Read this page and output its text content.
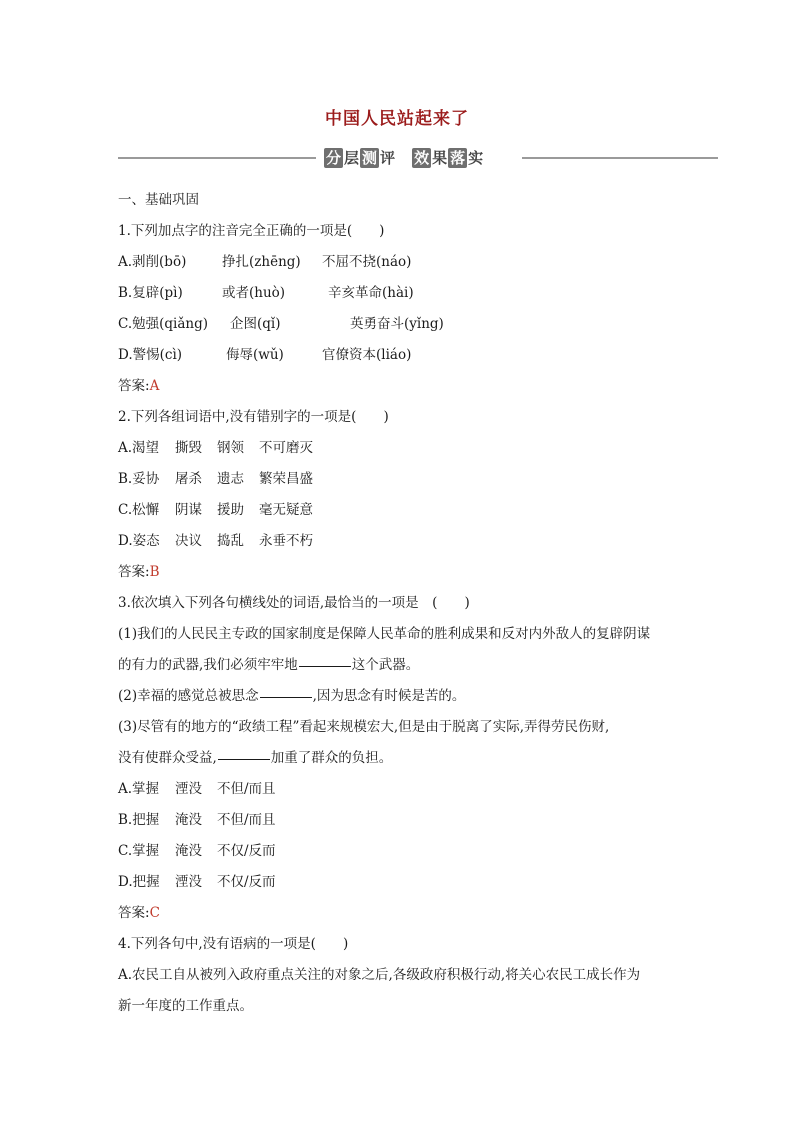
中国人民站起来了
分 层 测 评 效 果 落 实

一、基础巩固

1.下列加点字的注音完全正确的一项是(　　)

A.剥削(bō)	挣扎(zhēng)	不屈不挠(náo)

B.复辟(pì)	或者(huò)	辛亥革命(hài)

C.勉强(qiǎng)	企图(qǐ)	英勇奋斗(yǐng)

D.警惕(cì)	侮辱(wǔ)	官僚资本(liáo)

答案:A

2.下列各组词语中,没有错别字的一项是(　　)

A.渴望	撕毁	钢领	不可磨灭

B.妥协	屠杀	遗志	繁荣昌盛

C.松懈	阴谋	援助	毫无疑意

D.姿态	决议	捣乱	永垂不朽

答案:B

3.依次填入下列各句横线处的词语,最恰当的一项是　(　　)

(1)我们的人民民主专政的国家制度是保障人民革命的胜利成果和反对内外敌人的复辟阴谋

的有力的武器,我们必须牢牢地	这个武器。

(2)幸福的感觉总被思念	,因为思念有时候是苦的。

(3)尽管有的地方的“政绩工程”看起来规模宏大,但是由于脱离了实际,弄得劳民伤财,

没有使群众受益,	加重了群众的负担。

A.掌握	湮没	不但/而且

B.把握	淹没	不但/而且

C.掌握	淹没	不仅/反而

D.把握	湮没	不仅/反而

答案:C

4.下列各句中,没有语病的一项是(　　)

A.农民工自从被列入政府重点关注的对象之后,各级政府积极行动,将关心农民工成长作为

新一年度的工作重点。
